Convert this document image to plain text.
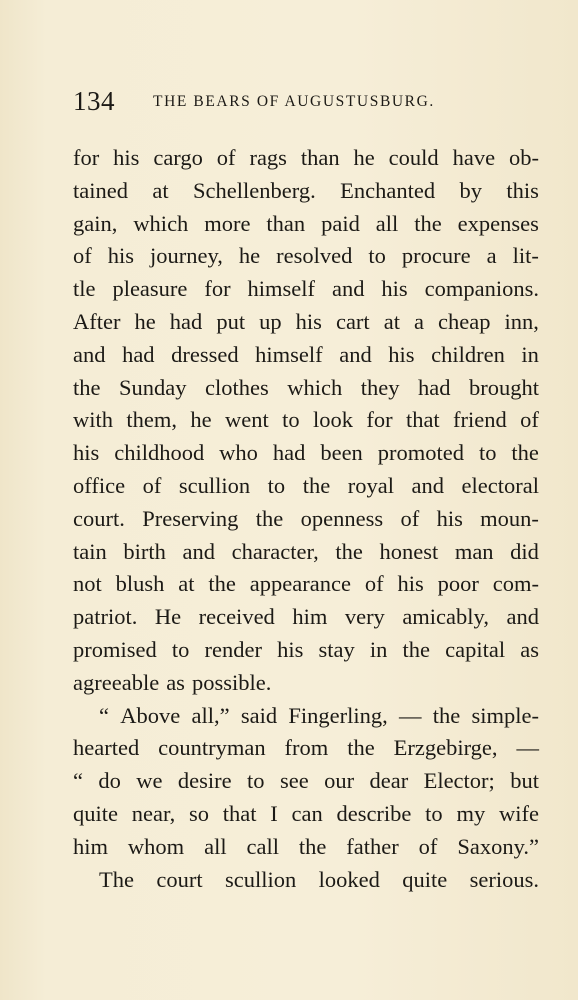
134 THE BEARS OF AUGUSTUSBURG.
for his cargo of rags than he could have ob-
tained at Schellenberg. Enchanted by this
gain, which more than paid all the expenses
of his journey, he resolved to procure a lit-
tle pleasure for himself and his companions.
After he had put up his cart at a cheap inn,
and had dressed himself and his children in
the Sunday clothes which they had brought
with them, he went to look for that friend of
his childhood who had been promoted to the
office of scullion to the royal and electoral
court. Preserving the openness of his moun-
tain birth and character, the honest man did
not blush at the appearance of his poor com-
patriot. He received him very amicably, and
promised to render his stay in the capital as
agreeable as possible.
“ Above all,” said Fingerling, — the simple-
hearted countryman from the Erzgebirge, —
“ do we desire to see our dear Elector; but
quite near, so that I can describe to my wife
him whom all call the father of Saxony.”
The court scullion looked quite serious.
